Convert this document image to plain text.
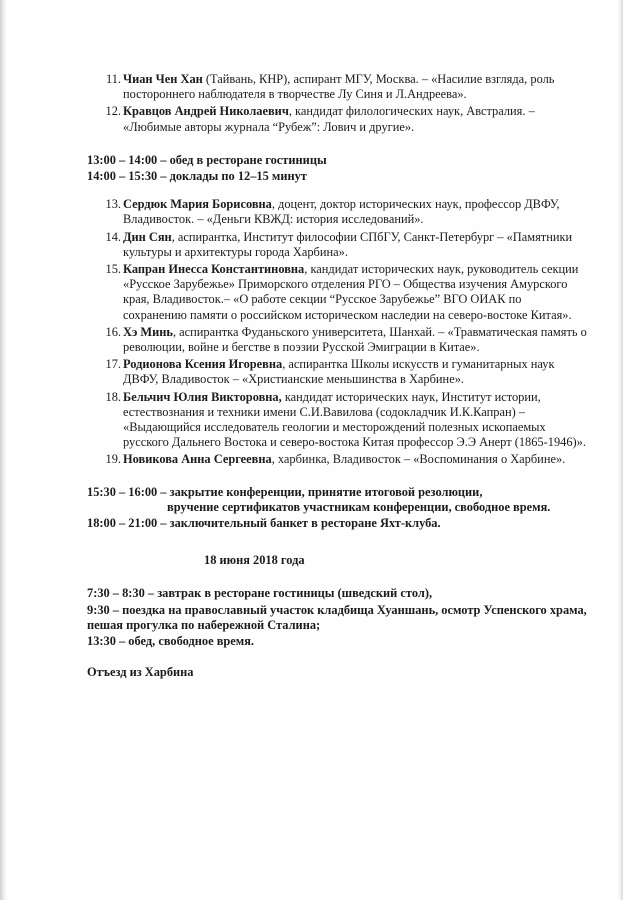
11. Чиан Чен Хан (Тайвань, КНР), аспирант МГУ, Москва. – «Насилие взгляда, роль постороннего наблюдателя в творчестве Лу Синя и Л.Андреева».
12. Кравцов Андрей Николаевич, кандидат филологических наук, Австралия. – «Любимые авторы журнала “Рубеж”: Лович и другие».
13:00 – 14:00 – обед в ресторане гостиницы
14:00 – 15:30 – доклады по 12–15 минут
13. Сердюк Мария Борисовна, доцент, доктор исторических наук, профессор ДВФУ, Владивосток. – «Деньги КВЖД: история исследований».
14. Дин Сян, аспирантка, Институт философии СПбГУ, Санкт-Петербург – «Памятники культуры и архитектуры города Харбина».
15. Капран Инесса Константиновна, кандидат исторических наук, руководитель секции «Русское Зарубежье» Приморского отделения РГО – Общества изучения Амурского края, Владивосток.– «О работе секции “Русское Зарубежье” ВГО ОИАК по сохранению памяти о российском историческом наследии на северо-востоке Китая».
16. Хэ Минь, аспирантка Фуданьского университета, Шанхай. – «Травматическая память о революции, войне и бегстве в поэзии Русской Эмиграции в Китае».
17. Родионова Ксения Игоревна, аспирантка Школы искусств и гуманитарных наук ДВФУ, Владивосток – «Христианские меньшинства в Харбине».
18. Бельчич Юлия Викторовна, кандидат исторических наук, Институт истории, естествознания и техники имени С.И.Вавилова (содокладчик И.К.Капран) – «Выдающийся исследователь геологии и месторождений полезных ископаемых русского Дальнего Востока и северо-востока Китая профессор Э.Э Анерт (1865-1946)».
19. Новикова Анна Сергеевна, харбинка, Владивосток – «Воспоминания о Харбине».
15:30 – 16:00 – закрытие конференции, принятие итоговой резолюции,
вручение сертификатов участникам конференции, свободное время.
18:00 – 21:00 – заключительный банкет в ресторане Яхт-клуба.
18 июня 2018 года
7:30 – 8:30 – завтрак в ресторане гостиницы (шведский стол),
9:30 – поездка на православный участок кладбища Хуаншань, осмотр Успенского храма, пешая прогулка по набережной Сталина;
13:30 – обед, свободное время.
Отъезд из Харбина
